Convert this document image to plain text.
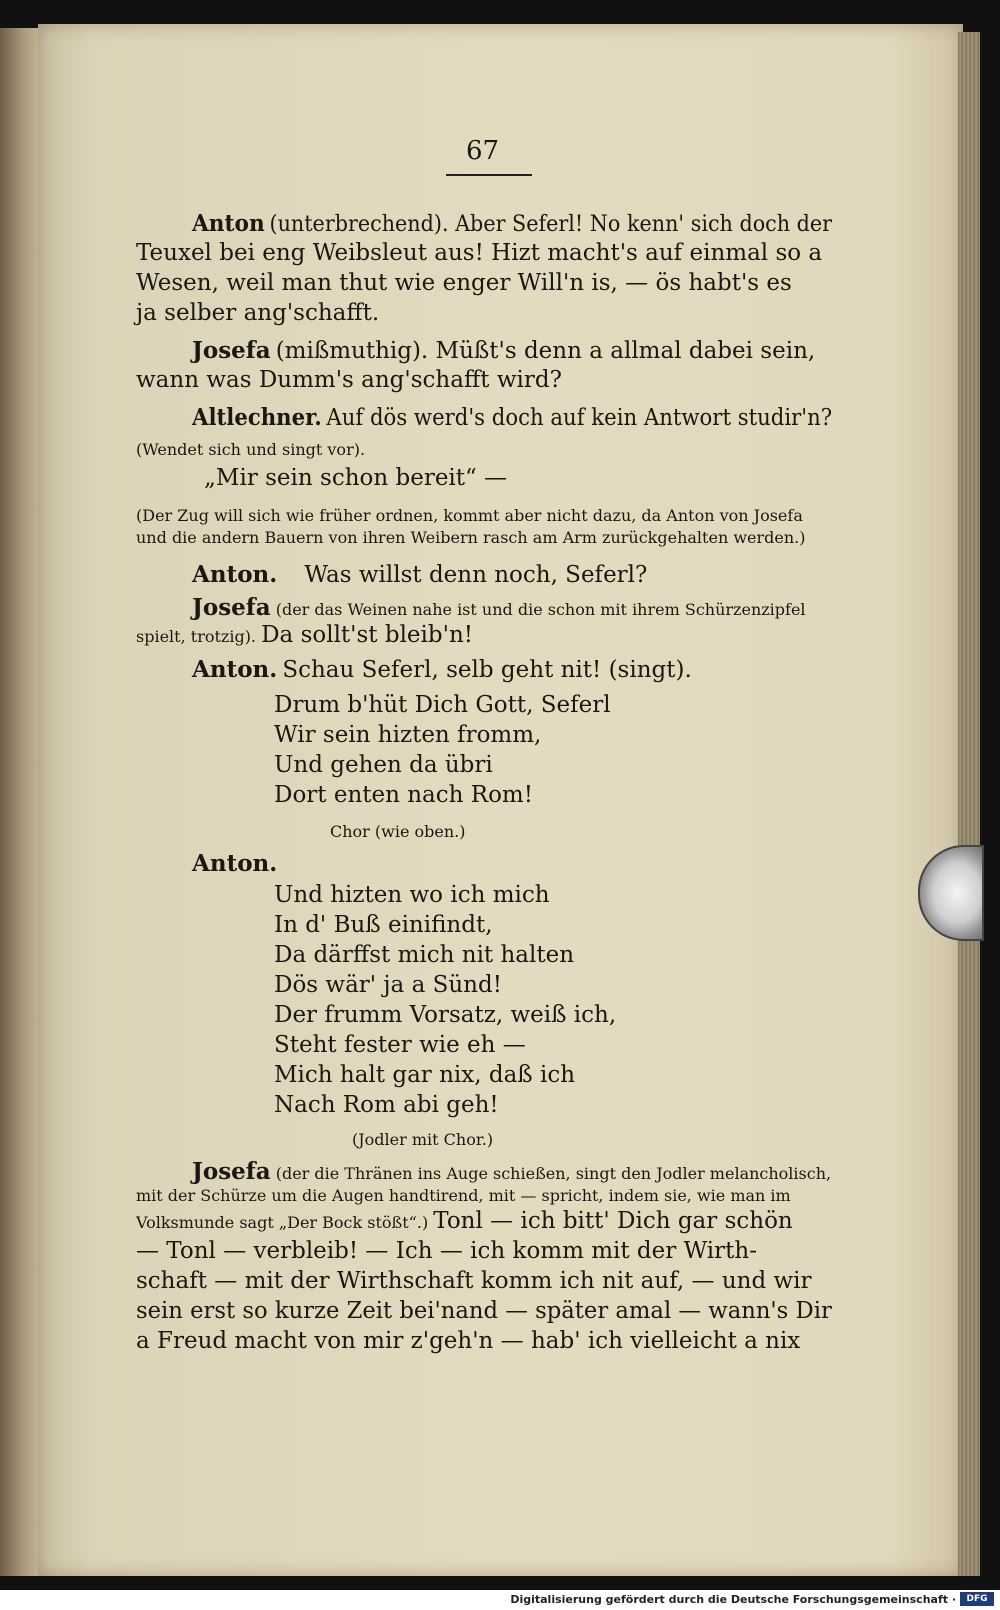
67
Anton (unterbrechend). Aber Seferl! No kenn' sich doch der
Teuxel bei eng Weibsleut aus! Hizt macht's auf einmal so a
Wesen, weil man thut wie enger Will'n is, — ös habt's es
ja selber ang'schafft.
Josefa (mißmuthig). Müßt's denn a allmal dabei sein,
wann was Dumm's ang'schafft wird?
Altlechner. Auf dös werd's doch auf kein Antwort studir'n?
(Wendet sich und singt vor).
„Mir sein schon bereit“ —
(Der Zug will sich wie früher ordnen, kommt aber nicht dazu, da Anton von Josefa
und die andern Bauern von ihren Weibern rasch am Arm zurückgehalten werden.)
Anton. Was willst denn noch, Seferl?
Josefa (der das Weinen nahe ist und die schon mit ihrem Schürzenzipfel
spielt, trotzig). Da sollt'st bleib'n!
Anton. Schau Seferl, selb geht nit! (singt).
Drum b'hüt Dich Gott, Seferl
Wir sein hizten fromm,
Und gehen da übri
Dort enten nach Rom!
Chor (wie oben.)
Anton.
Und hizten wo ich mich
In d' Buß einifindt,
Da därffst mich nit halten
Dös wär' ja a Sünd!
Der frumm Vorsatz, weiß ich,
Steht fester wie eh —
Mich halt gar nix, daß ich
Nach Rom abi geh!
(Jodler mit Chor.)
Josefa (der die Thränen ins Auge schießen, singt den Jodler melancholisch,
mit der Schürze um die Augen handtirend, mit — spricht, indem sie, wie man im
Volksmunde sagt „Der Bock stößt“.) Tonl — ich bitt' Dich gar schön
— Tonl — verbleib! — Ich — ich komm mit der Wirth-
schaft — mit der Wirthschaft komm ich nit auf, — und wir
sein erst so kurze Zeit bei'nand — später amal — wann's Dir
a Freud macht von mir z'geh'n — hab' ich vielleicht a nix
Digitalisierung gefördert durch die Deutsche Forschungsgemeinschaft ·	DFG
